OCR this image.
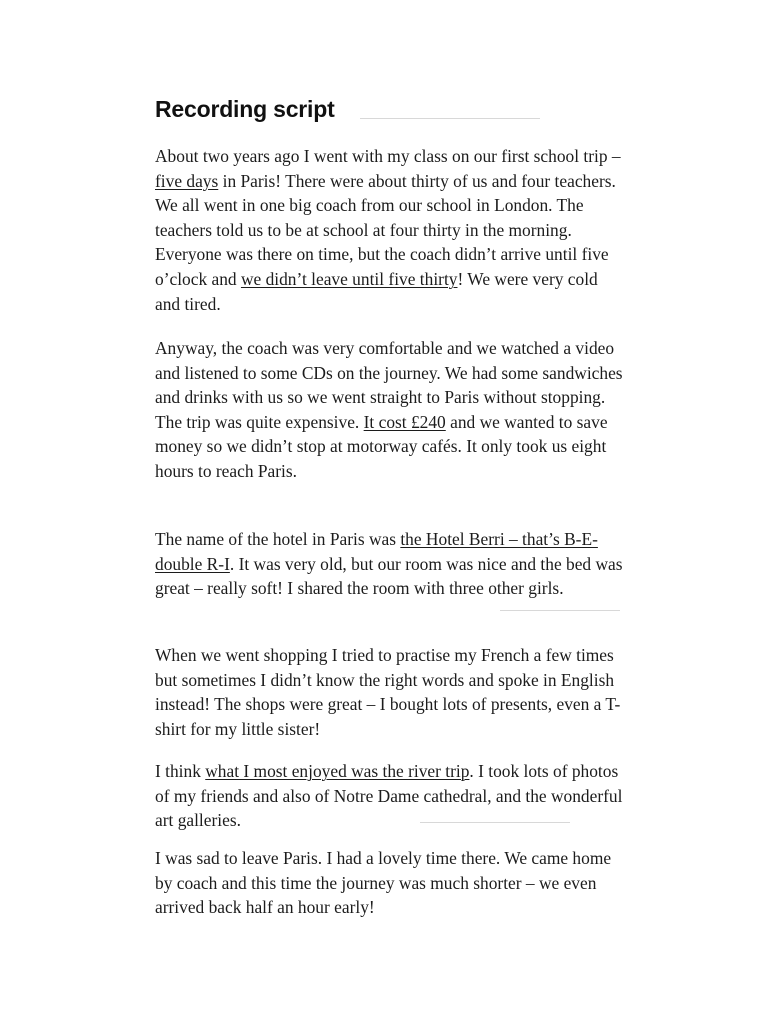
Recording script

About two years ago I went with my class on our first school trip – five days in Paris! There were about thirty of us and four teachers. We all went in one big coach from our school in London. The teachers told us to be at school at four thirty in the morning. Everyone was there on time, but the coach didn’t arrive until five o’clock and we didn’t leave until five thirty! We were very cold and tired.

Anyway, the coach was very comfortable and we watched a video and listened to some CDs on the journey. We had some sandwiches and drinks with us so we went straight to Paris without stopping. The trip was quite expensive. It cost £240 and we wanted to save money so we didn’t stop at motorway cafés. It only took us eight hours to reach Paris.

The name of the hotel in Paris was the Hotel Berri – that’s B-E-double R-I. It was very old, but our room was nice and the bed was great – really soft! I shared the room with three other girls.

When we went shopping I tried to practise my French a few times but sometimes I didn’t know the right words and spoke in English instead! The shops were great – I bought lots of presents, even a T-shirt for my little sister!

I think what I most enjoyed was the river trip. I took lots of photos of my friends and also of Notre Dame cathedral, and the wonderful art galleries.

I was sad to leave Paris. I had a lovely time there. We came home by coach and this time the journey was much shorter – we even arrived back half an hour early!
